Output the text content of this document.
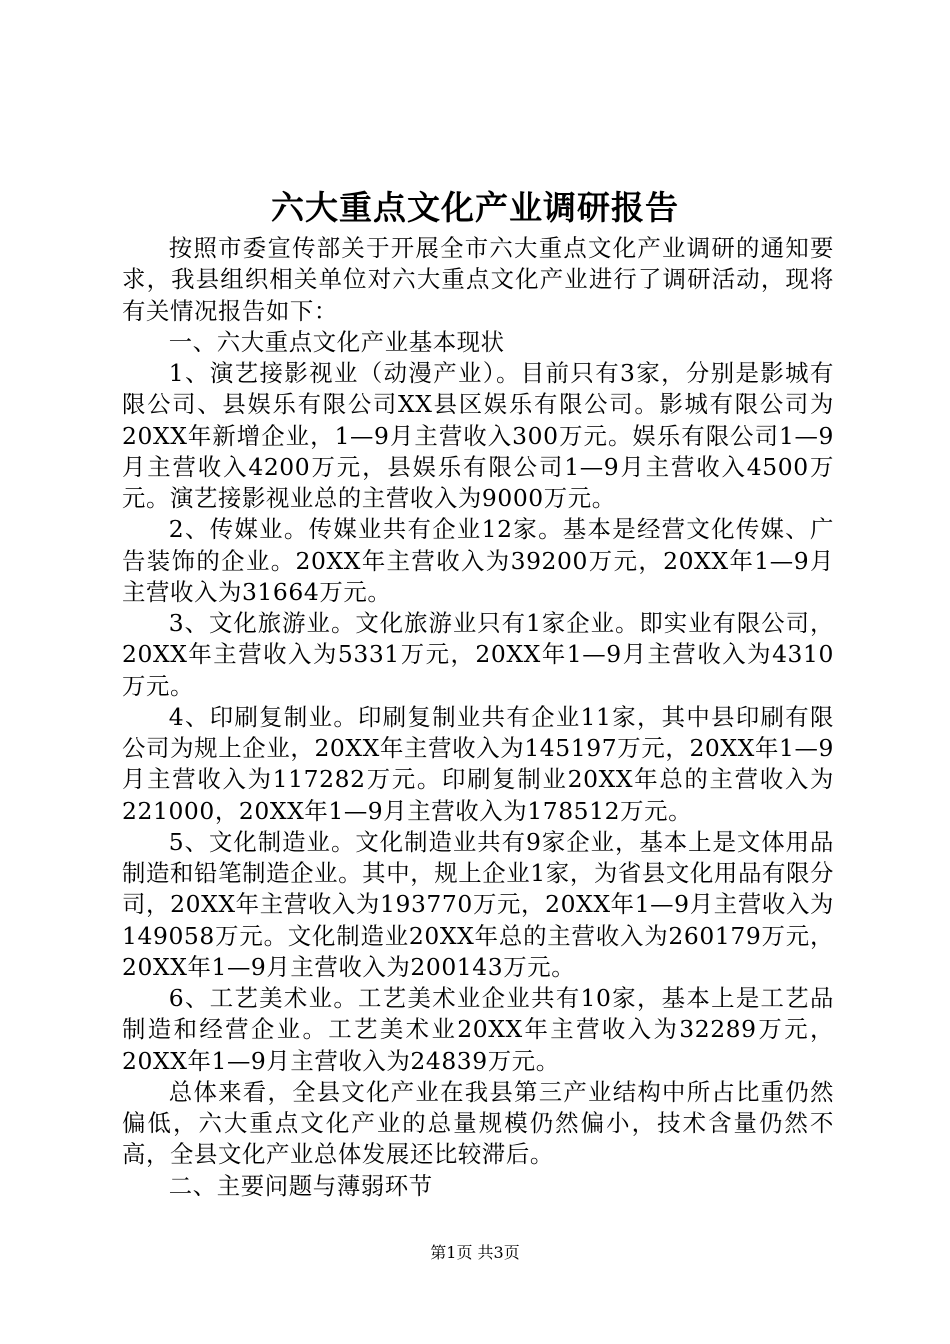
六大重点文化产业调研报告

按照市委宣传部关于开展全市六大重点文化产业调研的通知要求，我县组织相关单位对六大重点文化产业进行了调研活动，现将有关情况报告如下：

一、六大重点文化产业基本现状

1、演艺接影视业（动漫产业）。目前只有3家，分别是影城有限公司、县娱乐有限公司XX县区娱乐有限公司。影城有限公司为20XX年新增企业，1—9月主营收入300万元。娱乐有限公司1—9月主营收入4200万元，县娱乐有限公司1—9月主营收入4500万元。演艺接影视业总的主营收入为9000万元。

2、传媒业。传媒业共有企业12家。基本是经营文化传媒、广告装饰的企业。20XX年主营收入为39200万元，20XX年1—9月主营收入为31664万元。

3、文化旅游业。文化旅游业只有1家企业。即实业有限公司，20XX年主营收入为5331万元，20XX年1—9月主营收入为4310万元。

4、印刷复制业。印刷复制业共有企业11家，其中县印刷有限公司为规上企业，20XX年主营收入为145197万元，20XX年1—9月主营收入为117282万元。印刷复制业20XX年总的主营收入为221000，20XX年1—9月主营收入为178512万元。

5、文化制造业。文化制造业共有9家企业，基本上是文体用品制造和铅笔制造企业。其中，规上企业1家，为省县文化用品有限分司，20XX年主营收入为193770万元，20XX年1—9月主营收入为149058万元。文化制造业20XX年总的主营收入为260179万元，20XX年1—9月主营收入为200143万元。

6、工艺美术业。工艺美术业企业共有10家，基本上是工艺品制造和经营企业。工艺美术业20XX年主营收入为32289万元，20XX年1—9月主营收入为24839万元。

总体来看，全县文化产业在我县第三产业结构中所占比重仍然偏低，六大重点文化产业的总量规模仍然偏小，技术含量仍然不高，全县文化产业总体发展还比较滞后。

二、主要问题与薄弱环节

第1页 共3页
